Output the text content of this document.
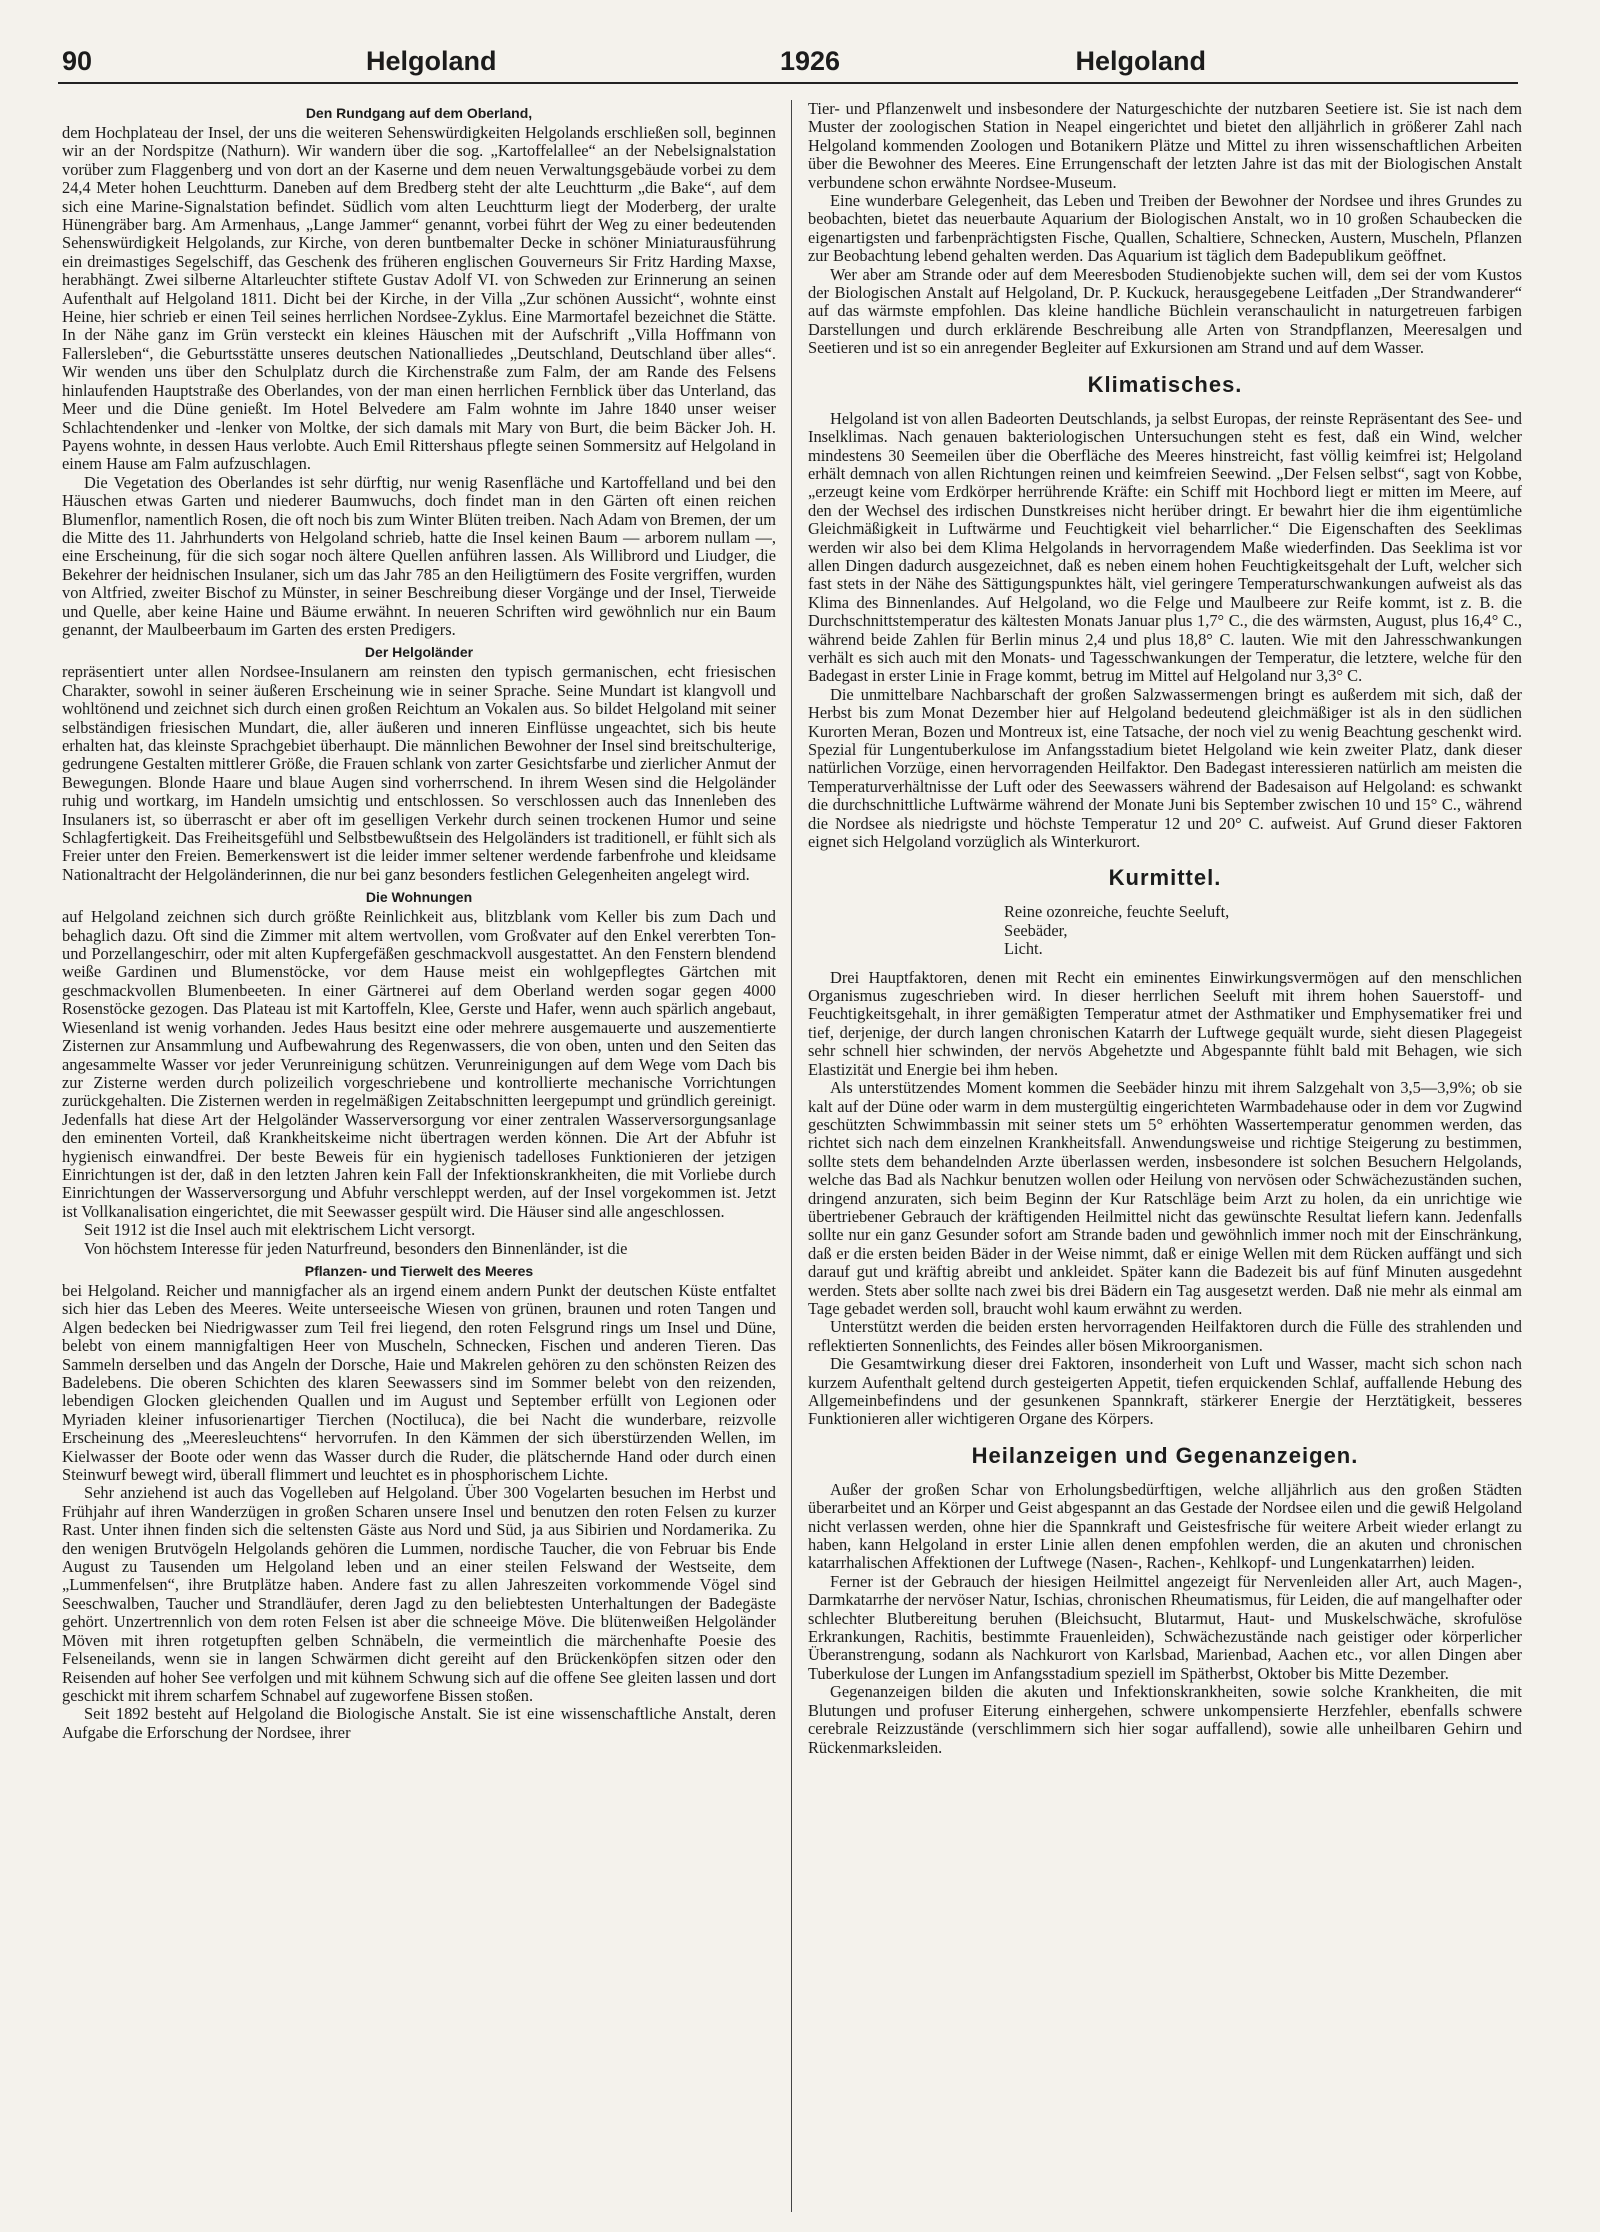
90	Helgoland	1926	Helgoland
Den Rundgang auf dem Oberland,

dem Hochplateau der Insel, der uns die weiteren Sehenswürdigkeiten Helgolands erschließen soll, beginnen wir an der Nordspitze (Nathurn). Wir wandern über die sog. „Kartoffelallee“ an der Nebelsignalstation vorüber zum Flaggenberg und von dort an der Kaserne und dem neuen Verwaltungsgebäude vorbei zu dem 24,4 Meter hohen Leuchtturm. Daneben auf dem Bredberg steht der alte Leuchtturm „die Bake“, auf dem sich eine Marine-Signalstation befindet. Südlich vom alten Leuchtturm liegt der Moderberg, der uralte Hünengräber barg. Am Armenhaus, „Lange Jammer“ genannt, vorbei führt der Weg zu einer bedeutenden Sehenswürdigkeit Helgolands, zur Kirche, von deren buntbemalter Decke in schöner Miniaturausführung ein dreimastiges Segelschiff, das Geschenk des früheren englischen Gouverneurs Sir Fritz Harding Maxse, herabhängt. Zwei silberne Altarleuchter stiftete Gustav Adolf VI. von Schweden zur Erinnerung an seinen Aufenthalt auf Helgoland 1811. Dicht bei der Kirche, in der Villa „Zur schönen Aussicht“, wohnte einst Heine, hier schrieb er einen Teil seines herrlichen Nordsee-Zyklus. Eine Marmortafel bezeichnet die Stätte. In der Nähe ganz im Grün versteckt ein kleines Häuschen mit der Aufschrift „Villa Hoffmann von Fallersleben“, die Geburtsstätte unseres deutschen Nationalliedes „Deutschland, Deutschland über alles“. Wir wenden uns über den Schulplatz durch die Kirchenstraße zum Falm, der am Rande des Felsens hinlaufenden Hauptstraße des Oberlandes, von der man einen herrlichen Fernblick über das Unterland, das Meer und die Düne genießt. Im Hotel Belvedere am Falm wohnte im Jahre 1840 unser weiser Schlachtendenker und -lenker von Moltke, der sich damals mit Mary von Burt, die beim Bäcker Joh. H. Payens wohnte, in dessen Haus verlobte. Auch Emil Rittershaus pflegte seinen Sommersitz auf Helgoland in einem Hause am Falm aufzuschlagen.

Die Vegetation des Oberlandes ist sehr dürftig, nur wenig Rasenfläche und Kartoffelland und bei den Häuschen etwas Garten und niederer Baumwuchs, doch findet man in den Gärten oft einen reichen Blumenflor, namentlich Rosen, die oft noch bis zum Winter Blüten treiben. Nach Adam von Bremen, der um die Mitte des 11. Jahrhunderts von Helgoland schrieb, hatte die Insel keinen Baum — arborem nullam —, eine Erscheinung, für die sich sogar noch ältere Quellen anführen lassen. Als Willibrord und Liudger, die Bekehrer der heidnischen Insulaner, sich um das Jahr 785 an den Heiligtümern des Fosite vergriffen, wurden von Altfried, zweiter Bischof zu Münster, in seiner Beschreibung dieser Vorgänge und der Insel, Tierweide und Quelle, aber keine Haine und Bäume erwähnt. In neueren Schriften wird gewöhnlich nur ein Baum genannt, der Maulbeerbaum im Garten des ersten Predigers.

Der Helgoländer

repräsentiert unter allen Nordsee-Insulanern am reinsten den typisch germanischen, echt friesischen Charakter, sowohl in seiner äußeren Erscheinung wie in seiner Sprache. Seine Mundart ist klangvoll und wohltönend und zeichnet sich durch einen großen Reichtum an Vokalen aus. So bildet Helgoland mit seiner selbständigen friesischen Mundart, die, aller äußeren und inneren Einflüsse ungeachtet, sich bis heute erhalten hat, das kleinste Sprachgebiet überhaupt. Die männlichen Bewohner der Insel sind breitschulterige, gedrungene Gestalten mittlerer Größe, die Frauen schlank von zarter Gesichtsfarbe und zierlicher Anmut der Bewegungen. Blonde Haare und blaue Augen sind vorherrschend. In ihrem Wesen sind die Helgoländer ruhig und wortkarg, im Handeln umsichtig und entschlossen. So verschlossen auch das Innenleben des Insulaners ist, so überrascht er aber oft im geselligen Verkehr durch seinen trockenen Humor und seine Schlagfertigkeit. Das Freiheitsgefühl und Selbstbewußtsein des Helgoländers ist traditionell, er fühlt sich als Freier unter den Freien. Bemerkenswert ist die leider immer seltener werdende farbenfrohe und kleidsame Nationaltracht der Helgoländerinnen, die nur bei ganz besonders festlichen Gelegenheiten angelegt wird.

Die Wohnungen

auf Helgoland zeichnen sich durch größte Reinlichkeit aus, blitzblank vom Keller bis zum Dach und behaglich dazu. Oft sind die Zimmer mit altem wertvollen, vom Großvater auf den Enkel vererbten Ton- und Porzellangeschirr, oder mit alten Kupfergefäßen geschmackvoll ausgestattet. An den Fenstern blendend weiße Gardinen und Blumenstöcke, vor dem Hause meist ein wohlgepflegtes Gärtchen mit geschmackvollen Blumenbeeten. In einer Gärtnerei auf dem Oberland werden sogar gegen 4000 Rosenstöcke gezogen. Das Plateau ist mit Kartoffeln, Klee, Gerste und Hafer, wenn auch spärlich angebaut, Wiesenland ist wenig vorhanden. Jedes Haus besitzt eine oder mehrere ausgemauerte und auszementierte Zisternen zur Ansammlung und Aufbewahrung des Regenwassers, die von oben, unten und den Seiten das angesammelte Wasser vor jeder Verunreinigung schützen. Verunreinigungen auf dem Wege vom Dach bis zur Zisterne werden durch polizeilich vorgeschriebene und kontrollierte mechanische Vorrichtungen zurückgehalten. Die Zisternen werden in regelmäßigen Zeitabschnitten leergepumpt und gründlich gereinigt. Jedenfalls hat diese Art der Helgoländer Wasserversorgung vor einer zentralen Wasserversorgungsanlage den eminenten Vorteil, daß Krankheitskeime nicht übertragen werden können. Die Art der Abfuhr ist hygienisch einwandfrei. Der beste Beweis für ein hygienisch tadelloses Funktionieren der jetzigen Einrichtungen ist der, daß in den letzten Jahren kein Fall der Infektionskrankheiten, die mit Vorliebe durch Einrichtungen der Wasserversorgung und Abfuhr verschleppt werden, auf der Insel vorgekommen ist. Jetzt ist Vollkanalisation eingerichtet, die mit Seewasser gespült wird. Die Häuser sind alle angeschlossen.

Seit 1912 ist die Insel auch mit elektrischem Licht versorgt.

Von höchstem Interesse für jeden Naturfreund, besonders den Binnenländer, ist die

Pflanzen- und Tierwelt des Meeres

bei Helgoland. Reicher und mannigfacher als an irgend einem andern Punkt der deutschen Küste entfaltet sich hier das Leben des Meeres. Weite unterseeische Wiesen von grünen, braunen und roten Tangen und Algen bedecken bei Niedrigwasser zum Teil frei liegend, den roten Felsgrund rings um Insel und Düne, belebt von einem mannigfaltigen Heer von Muscheln, Schnecken, Fischen und anderen Tieren. Das Sammeln derselben und das Angeln der Dorsche, Haie und Makrelen gehören zu den schönsten Reizen des Badelebens. Die oberen Schichten des klaren Seewassers sind im Sommer belebt von den reizenden, lebendigen Glocken gleichenden Quallen und im August und September erfüllt von Legionen oder Myriaden kleiner infusorienartiger Tierchen (Noctiluca), die bei Nacht die wunderbare, reizvolle Erscheinung des „Meeresleuchtens“ hervorrufen. In den Kämmen der sich überstürzenden Wellen, im Kielwasser der Boote oder wenn das Wasser durch die Ruder, die plätschernde Hand oder durch einen Steinwurf bewegt wird, überall flimmert und leuchtet es in phosphorischem Lichte.

Sehr anziehend ist auch das Vogelleben auf Helgoland. Über 300 Vogelarten besuchen im Herbst und Frühjahr auf ihren Wanderzügen in großen Scharen unsere Insel und benutzen den roten Felsen zu kurzer Rast. Unter ihnen finden sich die seltensten Gäste aus Nord und Süd, ja aus Sibirien und Nordamerika. Zu den wenigen Brutvögeln Helgolands gehören die Lummen, nordische Taucher, die von Februar bis Ende August zu Tausenden um Helgoland leben und an einer steilen Felswand der Westseite, dem „Lummenfelsen“, ihre Brutplätze haben. Andere fast zu allen Jahreszeiten vorkommende Vögel sind Seeschwalben, Taucher und Strandläufer, deren Jagd zu den beliebtesten Unterhaltungen der Badegäste gehört. Unzertrennlich von dem roten Felsen ist aber die schneeige Möve. Die blütenweißen Helgoländer Möven mit ihren rotgetupften gelben Schnäbeln, die vermeintlich die märchenhafte Poesie des Felseneilands, wenn sie in langen Schwärmen dicht gereiht auf den Brückenköpfen sitzen oder den Reisenden auf hoher See verfolgen und mit kühnem Schwung sich auf die offene See gleiten lassen und dort geschickt mit ihrem scharfem Schnabel auf zugeworfene Bissen stoßen.

Seit 1892 besteht auf Helgoland die Biologische Anstalt. Sie ist eine wissenschaftliche Anstalt, deren Aufgabe die Erforschung der Nordsee, ihrer

Tier- und Pflanzenwelt und insbesondere der Naturgeschichte der nutzbaren Seetiere ist. Sie ist nach dem Muster der zoologischen Station in Neapel eingerichtet und bietet den alljährlich in größerer Zahl nach Helgoland kommenden Zoologen und Botanikern Plätze und Mittel zu ihren wissenschaftlichen Arbeiten über die Bewohner des Meeres. Eine Errungenschaft der letzten Jahre ist das mit der Biologischen Anstalt verbundene schon erwähnte Nordsee-Museum.

Eine wunderbare Gelegenheit, das Leben und Treiben der Bewohner der Nordsee und ihres Grundes zu beobachten, bietet das neuerbaute Aquarium der Biologischen Anstalt, wo in 10 großen Schaubecken die eigenartigsten und farbenprächtigsten Fische, Quallen, Schaltiere, Schnecken, Austern, Muscheln, Pflanzen zur Beobachtung lebend gehalten werden. Das Aquarium ist täglich dem Badepublikum geöffnet.

Wer aber am Strande oder auf dem Meeresboden Studienobjekte suchen will, dem sei der vom Kustos der Biologischen Anstalt auf Helgoland, Dr. P. Kuckuck, herausgegebene Leitfaden „Der Strandwanderer“ auf das wärmste empfohlen. Das kleine handliche Büchlein veranschaulicht in naturgetreuen farbigen Darstellungen und durch erklärende Beschreibung alle Arten von Strandpflanzen, Meeresalgen und Seetieren und ist so ein anregender Begleiter auf Exkursionen am Strand und auf dem Wasser.

Klimatisches.

Helgoland ist von allen Badeorten Deutschlands, ja selbst Europas, der reinste Repräsentant des See- und Inselklimas. Nach genauen bakteriologischen Untersuchungen steht es fest, daß ein Wind, welcher mindestens 30 Seemeilen über die Oberfläche des Meeres hinstreicht, fast völlig keimfrei ist; Helgoland erhält demnach von allen Richtungen reinen und keimfreien Seewind. „Der Felsen selbst“, sagt von Kobbe, „erzeugt keine vom Erdkörper herrührende Kräfte: ein Schiff mit Hochbord liegt er mitten im Meere, auf den der Wechsel des irdischen Dunstkreises nicht herüber dringt. Er bewahrt hier die ihm eigentümliche Gleichmäßigkeit in Luftwärme und Feuchtigkeit viel beharrlicher.“ Die Eigenschaften des Seeklimas werden wir also bei dem Klima Helgolands in hervorragendem Maße wiederfinden. Das Seeklima ist vor allen Dingen dadurch ausgezeichnet, daß es neben einem hohen Feuchtigkeitsgehalt der Luft, welcher sich fast stets in der Nähe des Sättigungspunktes hält, viel geringere Temperaturschwankungen aufweist als das Klima des Binnenlandes. Auf Helgoland, wo die Felge und Maulbeere zur Reife kommt, ist z. B. die Durchschnittstemperatur des kältesten Monats Januar plus 1,7° C., die des wärmsten, August, plus 16,4° C., während beide Zahlen für Berlin minus 2,4 und plus 18,8° C. lauten. Wie mit den Jahresschwankungen verhält es sich auch mit den Monats- und Tagesschwankungen der Temperatur, die letztere, welche für den Badegast in erster Linie in Frage kommt, betrug im Mittel auf Helgoland nur 3,3° C.

Die unmittelbare Nachbarschaft der großen Salzwassermengen bringt es außerdem mit sich, daß der Herbst bis zum Monat Dezember hier auf Helgoland bedeutend gleichmäßiger ist als in den südlichen Kurorten Meran, Bozen und Montreux ist, eine Tatsache, der noch viel zu wenig Beachtung geschenkt wird. Spezial für Lungentuberkulose im Anfangsstadium bietet Helgoland wie kein zweiter Platz, dank dieser natürlichen Vorzüge, einen hervorragenden Heilfaktor. Den Badegast interessieren natürlich am meisten die Temperaturverhältnisse der Luft oder des Seewassers während der Badesaison auf Helgoland: es schwankt die durchschnittliche Luftwärme während der Monate Juni bis September zwischen 10 und 15° C., während die Nordsee als niedrigste und höchste Temperatur 12 und 20° C. aufweist. Auf Grund dieser Faktoren eignet sich Helgoland vorzüglich als Winterkurort.

Kurmittel.
Reine ozonreiche, feuchte Seeluft,
Seebäder,
Licht.

Drei Hauptfaktoren, denen mit Recht ein eminentes Einwirkungsvermögen auf den menschlichen Organismus zugeschrieben wird. In dieser herrlichen Seeluft mit ihrem hohen Sauerstoff- und Feuchtigkeitsgehalt, in ihrer gemäßigten Temperatur atmet der Asthmatiker und Emphysematiker frei und tief, derjenige, der durch langen chronischen Katarrh der Luftwege gequält wurde, sieht diesen Plagegeist sehr schnell hier schwinden, der nervös Abgehetzte und Abgespannte fühlt bald mit Behagen, wie sich Elastizität und Energie bei ihm heben.

Als unterstützendes Moment kommen die Seebäder hinzu mit ihrem Salzgehalt von 3,5—3,9%; ob sie kalt auf der Düne oder warm in dem mustergültig eingerichteten Warmbadehause oder in dem vor Zugwind geschützten Schwimmbassin mit seiner stets um 5° erhöhten Wassertemperatur genommen werden, das richtet sich nach dem einzelnen Krankheitsfall. Anwendungsweise und richtige Steigerung zu bestimmen, sollte stets dem behandelnden Arzte überlassen werden, insbesondere ist solchen Besuchern Helgolands, welche das Bad als Nachkur benutzen wollen oder Heilung von nervösen oder Schwächezuständen suchen, dringend anzuraten, sich beim Beginn der Kur Ratschläge beim Arzt zu holen, da ein unrichtige wie übertriebener Gebrauch der kräftigenden Heilmittel nicht das gewünschte Resultat liefern kann. Jedenfalls sollte nur ein ganz Gesunder sofort am Strande baden und gewöhnlich immer noch mit der Einschränkung, daß er die ersten beiden Bäder in der Weise nimmt, daß er einige Wellen mit dem Rücken auffängt und sich darauf gut und kräftig abreibt und ankleidet. Später kann die Badezeit bis auf fünf Minuten ausgedehnt werden. Stets aber sollte nach zwei bis drei Bädern ein Tag ausgesetzt werden. Daß nie mehr als einmal am Tage gebadet werden soll, braucht wohl kaum erwähnt zu werden.

Unterstützt werden die beiden ersten hervorragenden Heilfaktoren durch die Fülle des strahlenden und reflektierten Sonnenlichts, des Feindes aller bösen Mikroorganismen.

Die Gesamtwirkung dieser drei Faktoren, insonderheit von Luft und Wasser, macht sich schon nach kurzem Aufenthalt geltend durch gesteigerten Appetit, tiefen erquickenden Schlaf, auffallende Hebung des Allgemeinbefindens und der gesunkenen Spannkraft, stärkerer Energie der Herztätigkeit, besseres Funktionieren aller wichtigeren Organe des Körpers.

Heilanzeigen und Gegenanzeigen.

Außer der großen Schar von Erholungsbedürftigen, welche alljährlich aus den großen Städten überarbeitet und an Körper und Geist abgespannt an das Gestade der Nordsee eilen und die gewiß Helgoland nicht verlassen werden, ohne hier die Spannkraft und Geistesfrische für weitere Arbeit wieder erlangt zu haben, kann Helgoland in erster Linie allen denen empfohlen werden, die an akuten und chronischen katarrhalischen Affektionen der Luftwege (Nasen-, Rachen-, Kehlkopf- und Lungenkatarrhen) leiden.

Ferner ist der Gebrauch der hiesigen Heilmittel angezeigt für Nervenleiden aller Art, auch Magen-, Darmkatarrhe der nervöser Natur, Ischias, chronischen Rheumatismus, für Leiden, die auf mangelhafter oder schlechter Blutbereitung beruhen (Bleichsucht, Blutarmut, Haut- und Muskelschwäche, skrofulöse Erkrankungen, Rachitis, bestimmte Frauenleiden), Schwächezustände nach geistiger oder körperlicher Überanstrengung, sodann als Nachkurort von Karlsbad, Marienbad, Aachen etc., vor allen Dingen aber Tuberkulose der Lungen im Anfangsstadium speziell im Spätherbst, Oktober bis Mitte Dezember.

Gegenanzeigen bilden die akuten und Infektionskrankheiten, sowie solche Krankheiten, die mit Blutungen und profuser Eiterung einhergehen, schwere unkompensierte Herzfehler, ebenfalls schwere cerebrale Reizzustände (verschlimmern sich hier sogar auffallend), sowie alle unheilbaren Gehirn und Rückenmarksleiden.
